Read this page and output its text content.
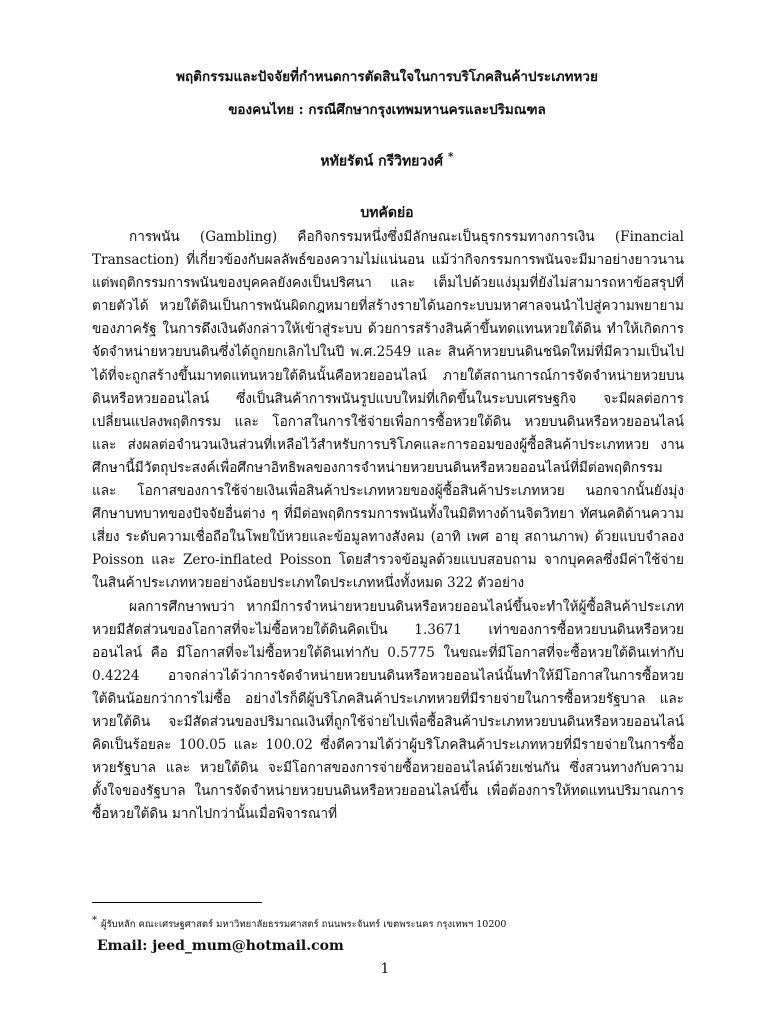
พฤติกรรมและปัจจัยที่กำหนดการตัดสินใจในการบริโภคสินค้าประเภทหวย
ของคนไทย : กรณีศึกษากรุงเทพมหานครและปริมณฑล
หทัยรัตน์ กรีวิทยวงศ์ *
บทคัดย่อ

การพนัน (Gambling) คือกิจกรรมหนึ่งซึ่งมีลักษณะเป็นธุรกรรมทางการเงิน (Financial Transaction) ที่เกี่ยวข้องกับผลลัพธ์ของความไม่แน่นอน แม้ว่ากิจกรรมการพนันจะมีมาอย่างยาวนาน แต่พฤติกรรมการพนันของบุคคลยังคงเป็นปริศนา และ เต็มไปด้วยแง่มุมที่ยังไม่สามารถหาข้อสรุปที่ตายตัวได้ หวยใต้ดินเป็นการพนันผิดกฎหมายที่สร้างรายได้นอกระบบมหาศาลจนนำไปสู่ความพยายามของภาครัฐ ในการดึงเงินดังกล่าวให้เข้าสู่ระบบ ด้วยการสร้างสินค้าขึ้นทดแทนหวยใต้ดิน ทำให้เกิดการจัดจำหน่ายหวยบนดินซึ่งได้ถูกยกเลิกไปในปี พ.ศ.2549 และ สินค้าหวยบนดินชนิดใหม่ที่มีความเป็นไปได้ที่จะถูกสร้างขึ้นมาทดแทนหวยใต้ดินนั้นคือหวยออนไลน์ ภายใต้สถานการณ์การจัดจำหน่ายหวยบนดินหรือหวยออนไลน์ ซึ่งเป็นสินค้าการพนันรูปแบบใหม่ที่เกิดขึ้นในระบบเศรษฐกิจ จะมีผลต่อการเปลี่ยนแปลงพฤติกรรม และ โอกาสในการใช้จ่ายเพื่อการซื้อหวยใต้ดิน หวยบนดินหรือหวยออนไลน์ และ ส่งผลต่อจำนวนเงินส่วนที่เหลือไว้สำหรับการบริโภคและการออมของผู้ซื้อสินค้าประเภทหวย งานศึกษานี้มีวัตถุประสงค์เพื่อศึกษาอิทธิพลของการจำหน่ายหวยบนดินหรือหวยออนไลน์ที่มีต่อพฤติกรรม และ โอกาสของการใช้จ่ายเงินเพื่อสินค้าประเภทหวยของผู้ซื้อสินค้าประเภทหวย นอกจากนั้นยังมุ่งศึกษาบทบาทของปัจจัยอื่นต่าง ๆ ที่มีต่อพฤติกรรมการพนันทั้งในมิติทางด้านจิตวิทยา ทัศนคติด้านความเสี่ยง ระดับความเชื่อถือในโพยใบ้หวยและข้อมูลทางสังคม (อาทิ เพศ อายุ สถานภาพ) ด้วยแบบจำลอง Poisson และ Zero-inflated Poisson โดยสำรวจข้อมูลด้วยแบบสอบถาม จากบุคคลซึ่งมีค่าใช้จ่ายในสินค้าประเภทหวยอย่างน้อยประเภทใดประเภทหนึ่งทั้งหมด 322 ตัวอย่าง

ผลการศึกษาพบว่า หากมีการจำหน่ายหวยบนดินหรือหวยออนไลน์ขึ้นจะทำให้ผู้ซื้อสินค้าประเภทหวยมีสัดส่วนของโอกาสที่จะไม่ซื้อหวยใต้ดินคิดเป็น 1.3671 เท่าของการซื้อหวยบนดินหรือหวยออนไลน์ คือ มีโอกาสที่จะไม่ซื้อหวยใต้ดินเท่ากับ 0.5775 ในขณะที่มีโอกาสที่จะซื้อหวยใต้ดินเท่ากับ 0.4224 อาจกล่าวได้ว่าการจัดจำหน่ายหวยบนดินหรือหวยออนไลน์นั้นทำให้มีโอกาสในการซื้อหวยใต้ดินน้อยกว่าการไม่ซื้อ อย่างไรก็ดีผู้บริโภคสินค้าประเภทหวยที่มีรายจ่ายในการซื้อหวยรัฐบาล และ หวยใต้ดิน จะมีสัดส่วนของปริมาณเงินที่ถูกใช้จ่ายไปเพื่อซื้อสินค้าประเภทหวยบนดินหรือหวยออนไลน์คิดเป็นร้อยละ 100.05 และ 100.02 ซึ่งตีความได้ว่าผู้บริโภคสินค้าประเภทหวยที่มีรายจ่ายในการซื้อหวยรัฐบาล และ หวยใต้ดิน จะมีโอกาสของการจ่ายซื้อหวยออนไลน์ด้วยเช่นกัน ซึ่งสวนทางกับความตั้งใจของรัฐบาล ในการจัดจำหน่ายหวยบนดินหรือหวยออนไลน์ขึ้น เพื่อต้องการให้ทดแทนปริมาณการซื้อหวยใต้ดิน มากไปกว่านั้นเมื่อพิจารณาที่

* ผู้รับหลัก คณะเศรษฐศาสตร์ มหาวิทยาลัยธรรมศาสตร์ ถนนพระจันทร์ เขตพระนคร กรุงเทพฯ 10200
Email: jeed_mum@hotmail.com
1
